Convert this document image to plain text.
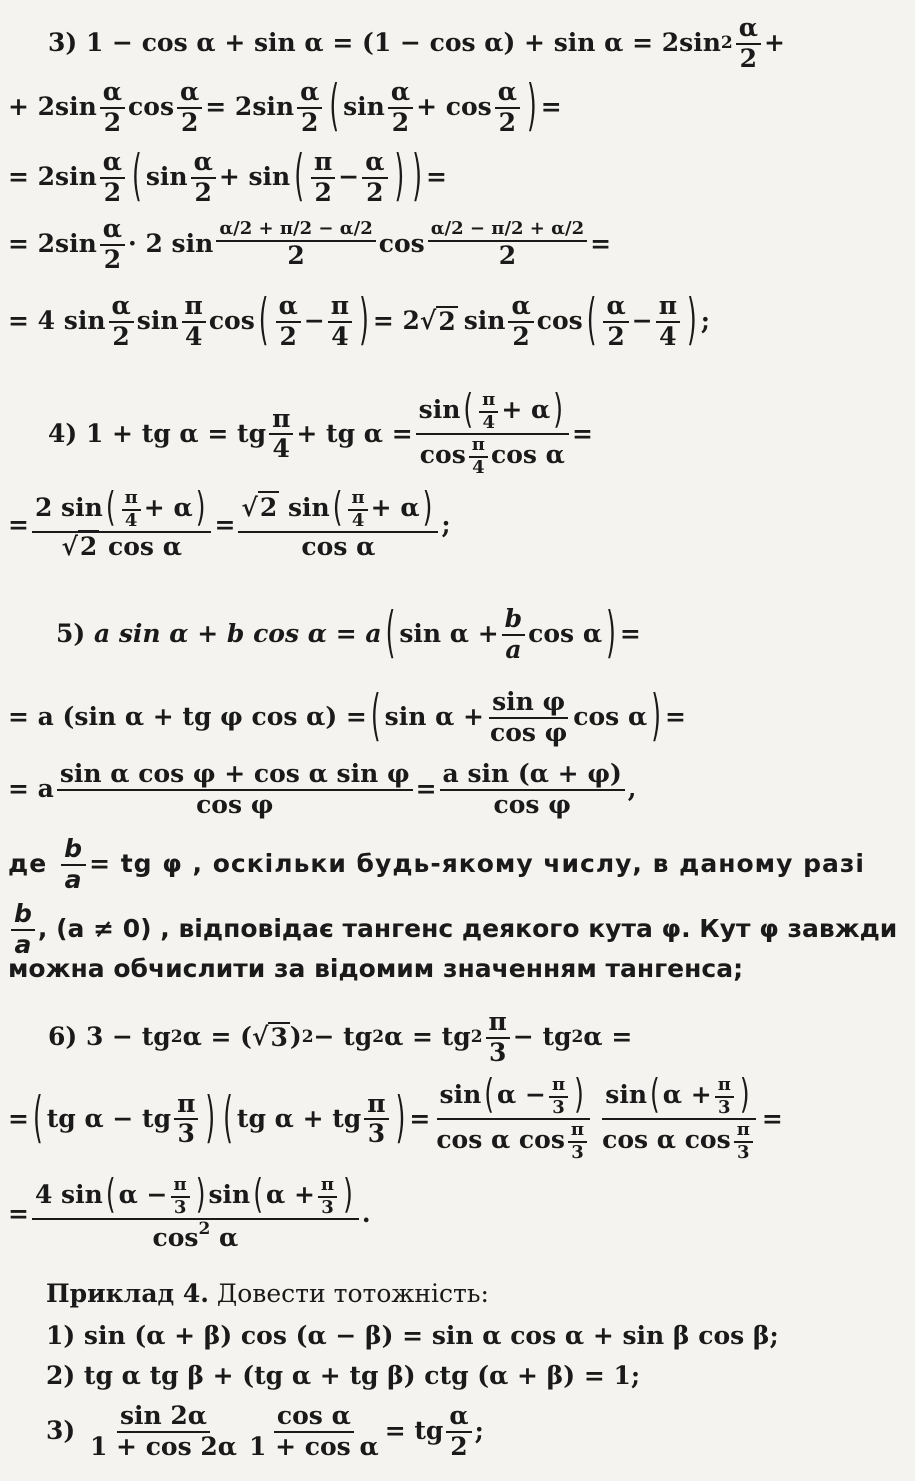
3)
1 − cos α + sin α = (1 − cos α) + sin α = 2sin $2 \frac{\alpha}{2}$ +
+ $2\sin \frac{\alpha}{2}$ $\cos \frac{\alpha}{2} = 2\sin \frac{\alpha}{2}$ ( $\sin \frac{\alpha}{2} + \cos \frac{\alpha}{2}$ ) =
= $2\sin \frac{\alpha}{2}$ ( $\sin \frac{\alpha}{2} + \sin$ ( $\frac{\pi}{2} - \frac{\alpha}{2}$ ) ) =
= $2\sin \frac{\alpha}{2} \cdot 2$ $\sin \frac{\alpha/2 + \pi/2 - \alpha/2}{2}$ $\cos \frac{\alpha/2 - \pi/2 + \alpha/2}{2}$ =
= 4 $\sin \frac{\alpha}{2}$ $\sin \frac{\pi}{4}$ cos ( $\frac{\alpha}{2} - \frac{\pi}{4}$ ) = 2 √ 2 $\sin \frac{\alpha}{2}$ cos ( $\frac{\alpha}{2} - \frac{\pi}{4}$ ) ;
4)
1 + tg α = tg $\frac{\pi}{4}$ + tg $\alpha = \frac{\sin ( \frac{\pi}{4} + \alpha )}{\cos \frac{\pi}{4} \cos \alpha}$ =
= $\frac{2 \sin ( \frac{\pi}{4} + \alpha )}{\text{√2 cos α}} = \frac{√2 \sin ( \frac{\pi}{4} + \alpha )}{\text{cos α}}$ ;
5)
a sin α + b cos α = a ( $\sin \alpha + \frac{b}{a}$ cos α ) =
= a (sin α + tg φ cos α) = ( $\sin \alpha + \frac{\text{sin φ}}{\text{cos φ}}$ cos α ) =
= a $\frac{\text{sin α cos φ + cos α sin φ}}{\text{cos φ}} = \frac{\text{a sin (α + φ)}}{\text{cos φ}}$ ,
де $\frac{b}{a}$ = tg φ , оскільки будь-якому числу, в даному разі
$\frac{b}{a}$ , (a ≠ 0) , відповідає тангенс деякого кута φ. Кут φ завжди
можна обчислити за відомим значенням тангенса;
6)
3 − tg 2 α = ( √ 3 ) 2 − tg 2 α = tg $2 \frac{\pi}{3}$ − tg 2 α =
= ( tg α − tg $\frac{\pi}{3}$ ) ( tg α + tg $\frac{\pi}{3}$ ) = $\frac{\sin ( \alpha - \frac{\pi}{3} )}{\cos \alpha \cos \frac{\pi}{3}} \frac{\sin ( \alpha + \frac{\pi}{3} )}{\cos \alpha \cos \frac{\pi}{3}}$ =
= $\frac{4 \sin ( \alpha - \frac{\pi}{3} ) \sin ( \alpha + \frac{\pi}{3} )}{\cos^2 \alpha}$ .
Приклад 4. Довести тотожність:
1) sin (α + β) cos (α − β) = sin α cos α + sin β cos β;
2) tg α tg β + (tg α + tg β) ctg (α + β) = 1;
3)
$\frac{\sin 2\alpha}{1 + \cos 2\alpha} \frac{\text{cos α}}{\text{1 + cos α}}$ = tg $\frac{\alpha}{2}$ ;
